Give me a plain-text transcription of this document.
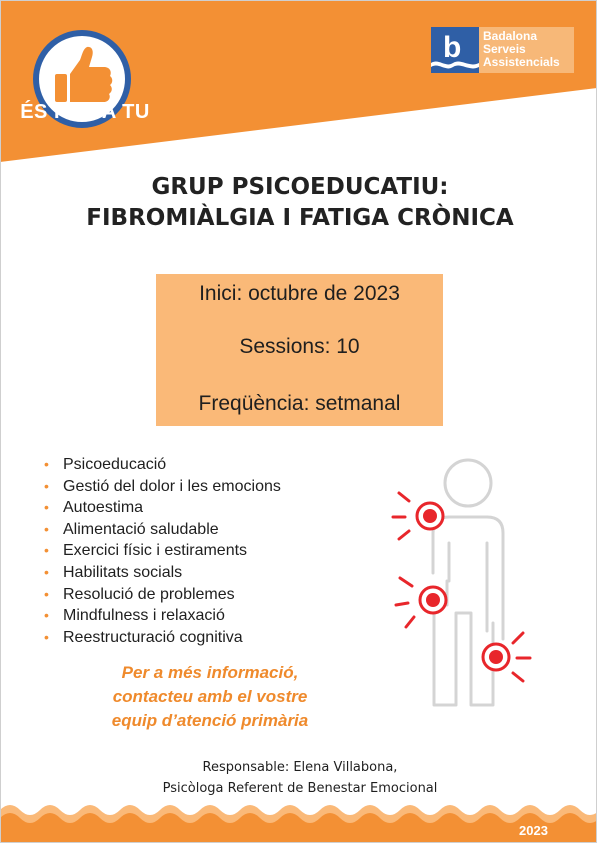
ÉS PER A TU
b Badalona
Serveis
Assistencials
GRUP PSICOEDUCATIU:
FIBROMIÀLGIA I FATIGA CRÒNICA
Inici: octubre de 2023
Sessions: 10
Freqüència: setmanal
• Psicoeducació
• Gestió del dolor i les emocions
• Autoestima
• Alimentació saludable
• Exercici físic i estiraments
• Habilitats socials
• Resolució de problemes
• Mindfulness i relaxació
• Reestructuració cognitiva
Per a més informació,
contacteu amb el vostre
equip d’atenció primària
Responsable: Elena Villabona,
Psicòloga Referent de Benestar Emocional
2023
